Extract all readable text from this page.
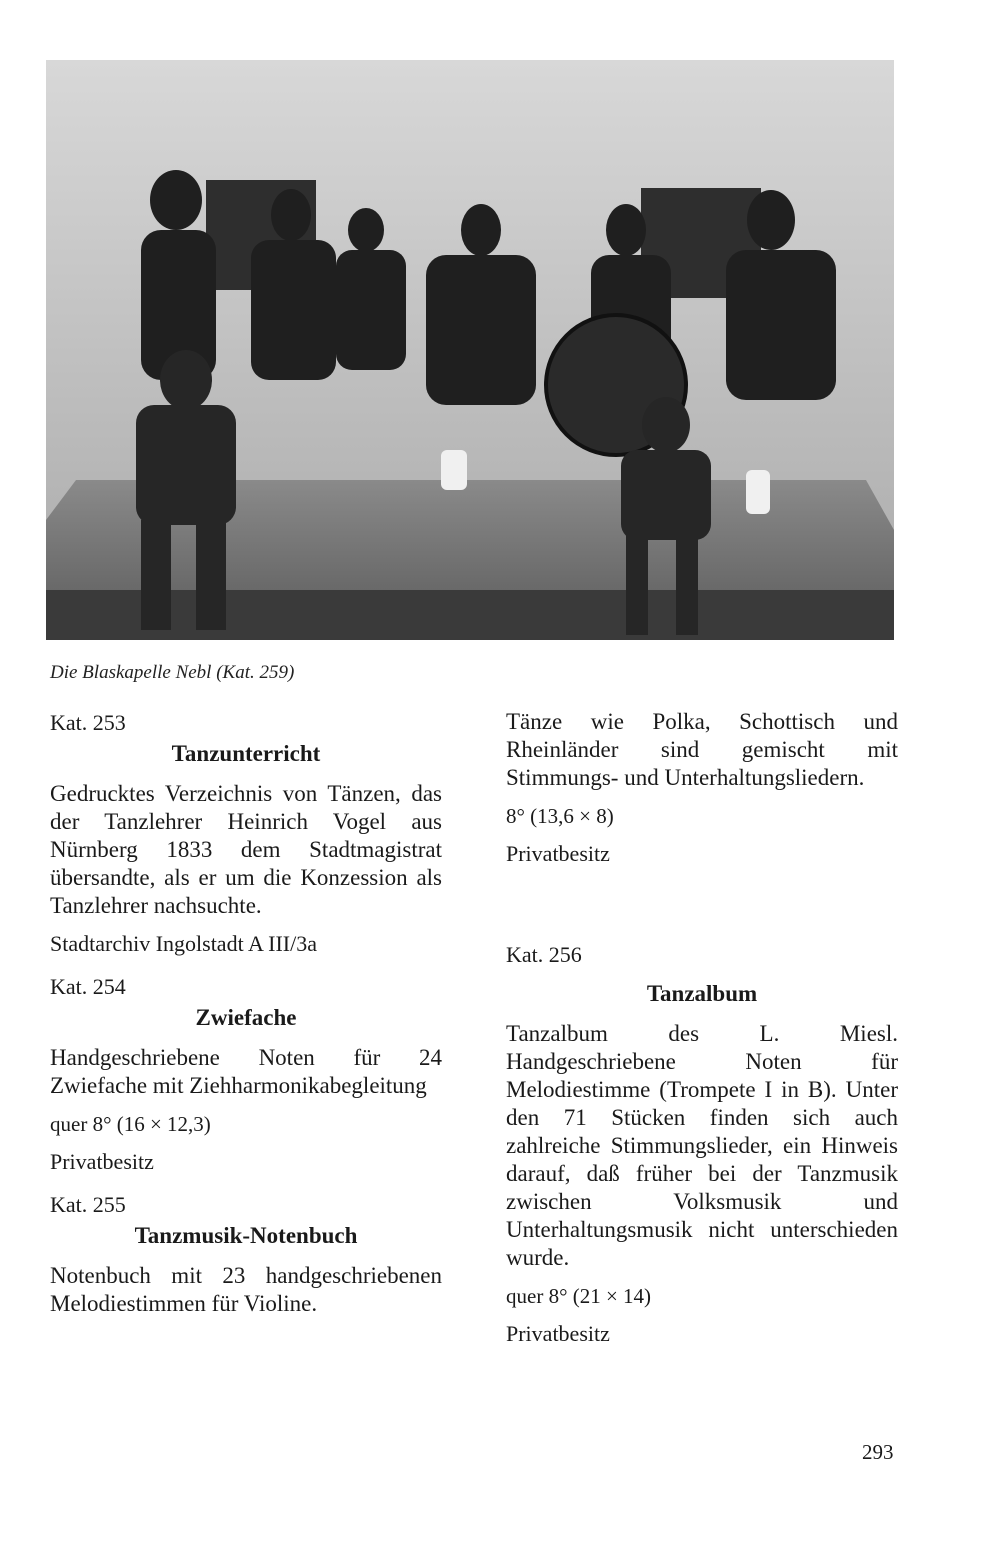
Die Blaskapelle Nebl (Kat. 259)

Kat. 253

Tanzunterricht

Gedrucktes Verzeichnis von Tänzen, das der Tanzlehrer Heinrich Vogel aus Nürnberg 1833 dem Stadtmagistrat übersandte, als er um die Konzession als Tanzlehrer nachsuchte.

Stadtarchiv Ingolstadt A III/3a

Kat. 254

Zwiefache

Handgeschriebene Noten für 24 Zwiefache mit Ziehharmonikabegleitung

quer 8° (16 × 12,3)

Privatbesitz

Kat. 255

Tanzmusik-Notenbuch

Notenbuch mit 23 handgeschriebenen Melodiestimmen für Violine.

Tänze wie Polka, Schottisch und Rheinländer sind gemischt mit Stimmungs- und Unterhaltungsliedern.

8° (13,6 × 8)

Privatbesitz

Kat. 256

Tanzalbum

Tanzalbum des L. Miesl. Handgeschriebene Noten für Melodiestimme (Trompete I in B). Unter den 71 Stücken finden sich auch zahlreiche Stimmungslieder, ein Hinweis darauf, daß früher bei der Tanzmusik zwischen Volksmusik und Unterhaltungsmusik nicht unterschieden wurde.

quer 8° (21 × 14)

Privatbesitz

293
